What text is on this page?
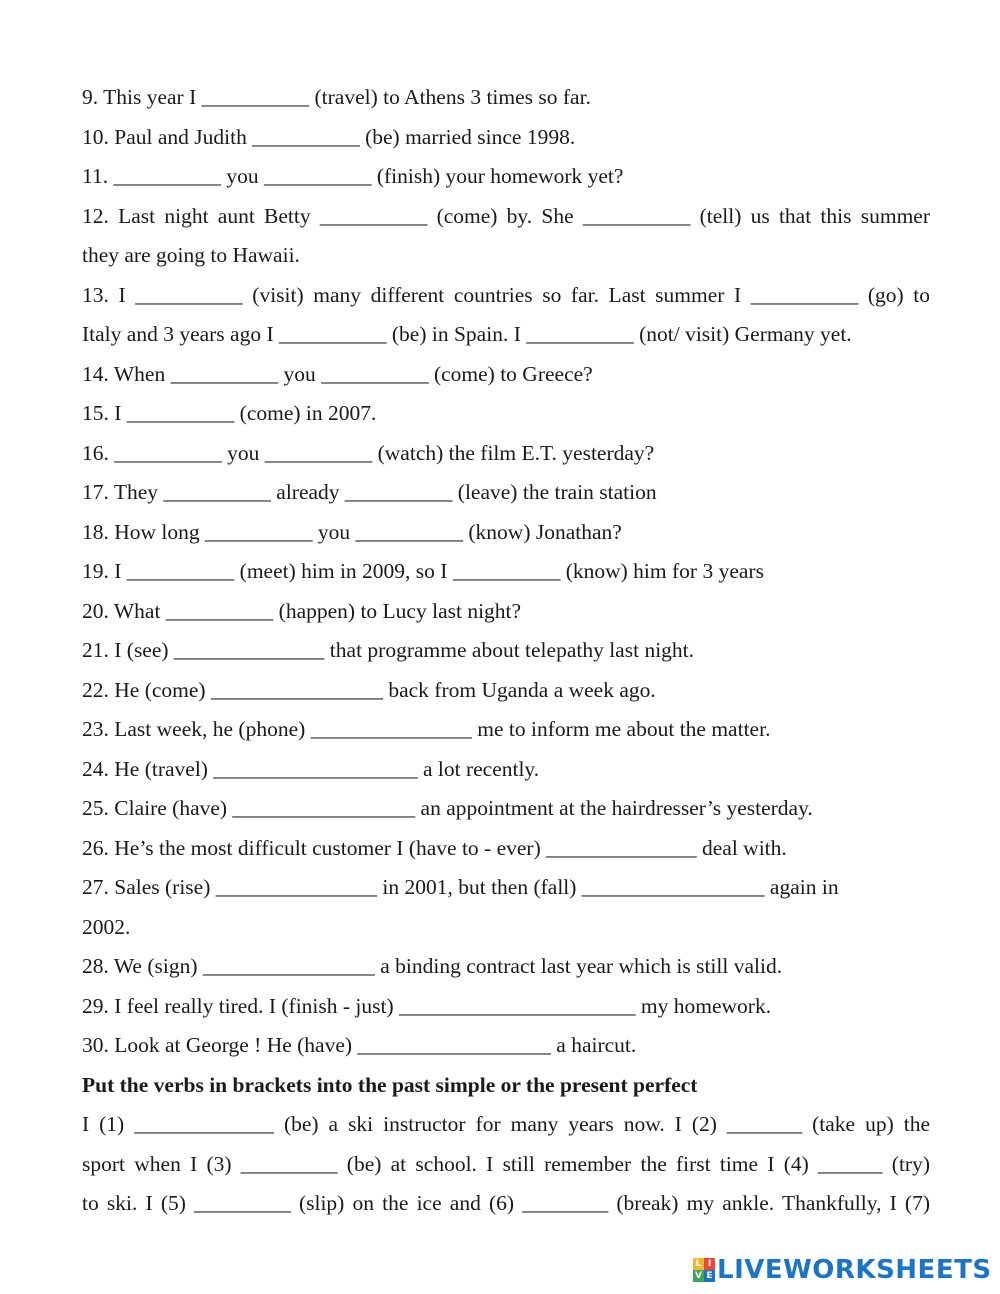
9. This year I __________ (travel) to Athens 3 times so far.
10. Paul and Judith __________ (be) married since 1998.
11. __________ you __________ (finish) your homework yet?
12. Last night aunt Betty __________ (come) by. She __________ (tell) us that this summer
they are going to Hawaii.
13. I __________ (visit) many different countries so far. Last summer I __________ (go) to
Italy and 3 years ago I __________ (be) in Spain. I __________ (not/ visit) Germany yet.
14. When __________ you __________ (come) to Greece?
15. I __________ (come) in 2007.
16. __________ you __________ (watch) the film E.T. yesterday?
17. They __________ already __________ (leave) the train station
18. How long __________ you __________ (know) Jonathan?
19. I __________ (meet) him in 2009, so I __________ (know) him for 3 years
20. What __________ (happen) to Lucy last night?
21. I (see) ______________ that programme about telepathy last night.
22. He (come) ________________ back from Uganda a week ago.
23. Last week, he (phone) _______________ me to inform me about the matter.
24. He (travel) ___________________ a lot recently.
25. Claire (have) _________________ an appointment at the hairdresser’s yesterday.
26. He’s the most difficult customer I (have to - ever) ______________ deal with.
27. Sales (rise) _______________ in 2001, but then (fall) _________________ again in
2002.
28. We (sign) ________________ a binding contract last year which is still valid.
29. I feel really tired. I (finish - just) ______________________ my homework.
30. Look at George ! He (have) __________________ a haircut.
Put the verbs in brackets into the past simple or the present perfect
I (1) _____________ (be) a ski instructor for many years now. I (2) _______ (take up) the
sport when I (3) _________ (be) at school. I still remember the first time I (4) ______ (try)
to ski. I (5) _________ (slip) on the ice and (6) ________ (break) my ankle. Thankfully, I (7)
L I
V E LIVEWORKSHEETS
